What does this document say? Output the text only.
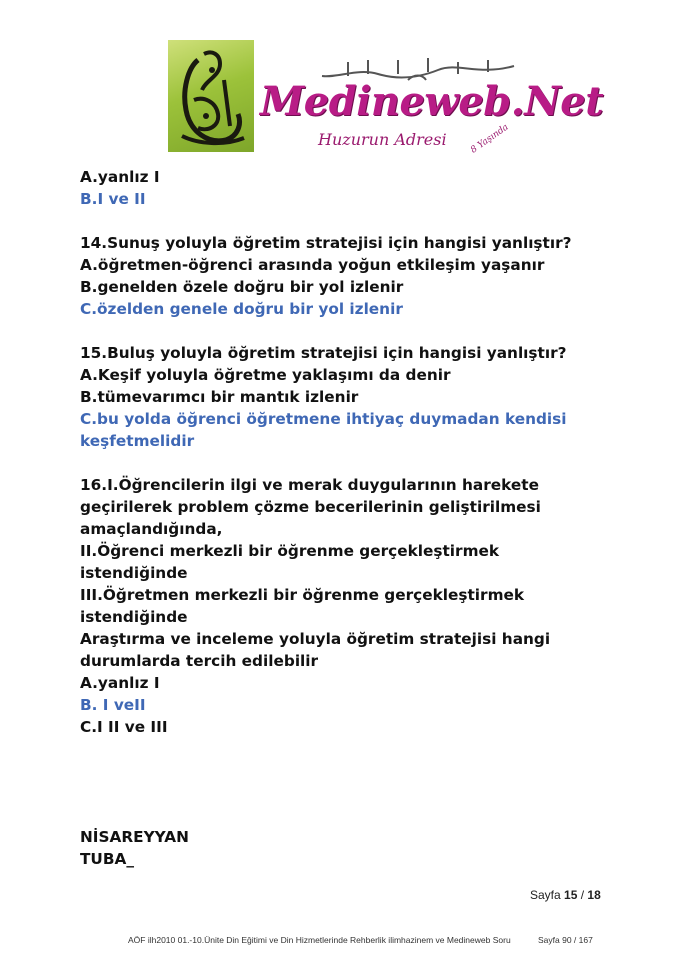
Medineweb.Net
Huzurun Adresi 8 Yaşında
A.yanlız I
B.I ve II
14.Sunuş yoluyla öğretim stratejisi için hangisi yanlıştır?
A.öğretmen-öğrenci arasında yoğun etkileşim yaşanır
B.genelden özele doğru bir yol izlenir
C.özelden genele doğru bir yol izlenir
15.Buluş yoluyla öğretim stratejisi için hangisi yanlıştır?
A.Keşif yoluyla öğretme yaklaşımı da denir
B.tümevarımcı bir mantık izlenir
C.bu yolda öğrenci öğretmene ihtiyaç duymadan kendisi
keşfetmelidir
16.I.Öğrencilerin ilgi ve merak duygularının harekete
geçirilerek problem çözme becerilerinin geliştirilmesi
amaçlandığında,
II.Öğrenci merkezli bir öğrenme gerçekleştirmek
istendiğinde
III.Öğretmen merkezli bir öğrenme gerçekleştirmek
istendiğinde
Araştırma ve inceleme yoluyla öğretim stratejisi hangi
durumlarda tercih edilebilir
A.yanlız I
B. I veII
C.I II ve III
NİSAREYYAN
TUBA_
Sayfa 15 / 18
AÖF ilh2010 01.-10.Ünite Din Eğitimi ve Din Hizmetlerinde Rehberlik ilimhazinem ve Medineweb Soru	Sayfa 90 / 167
